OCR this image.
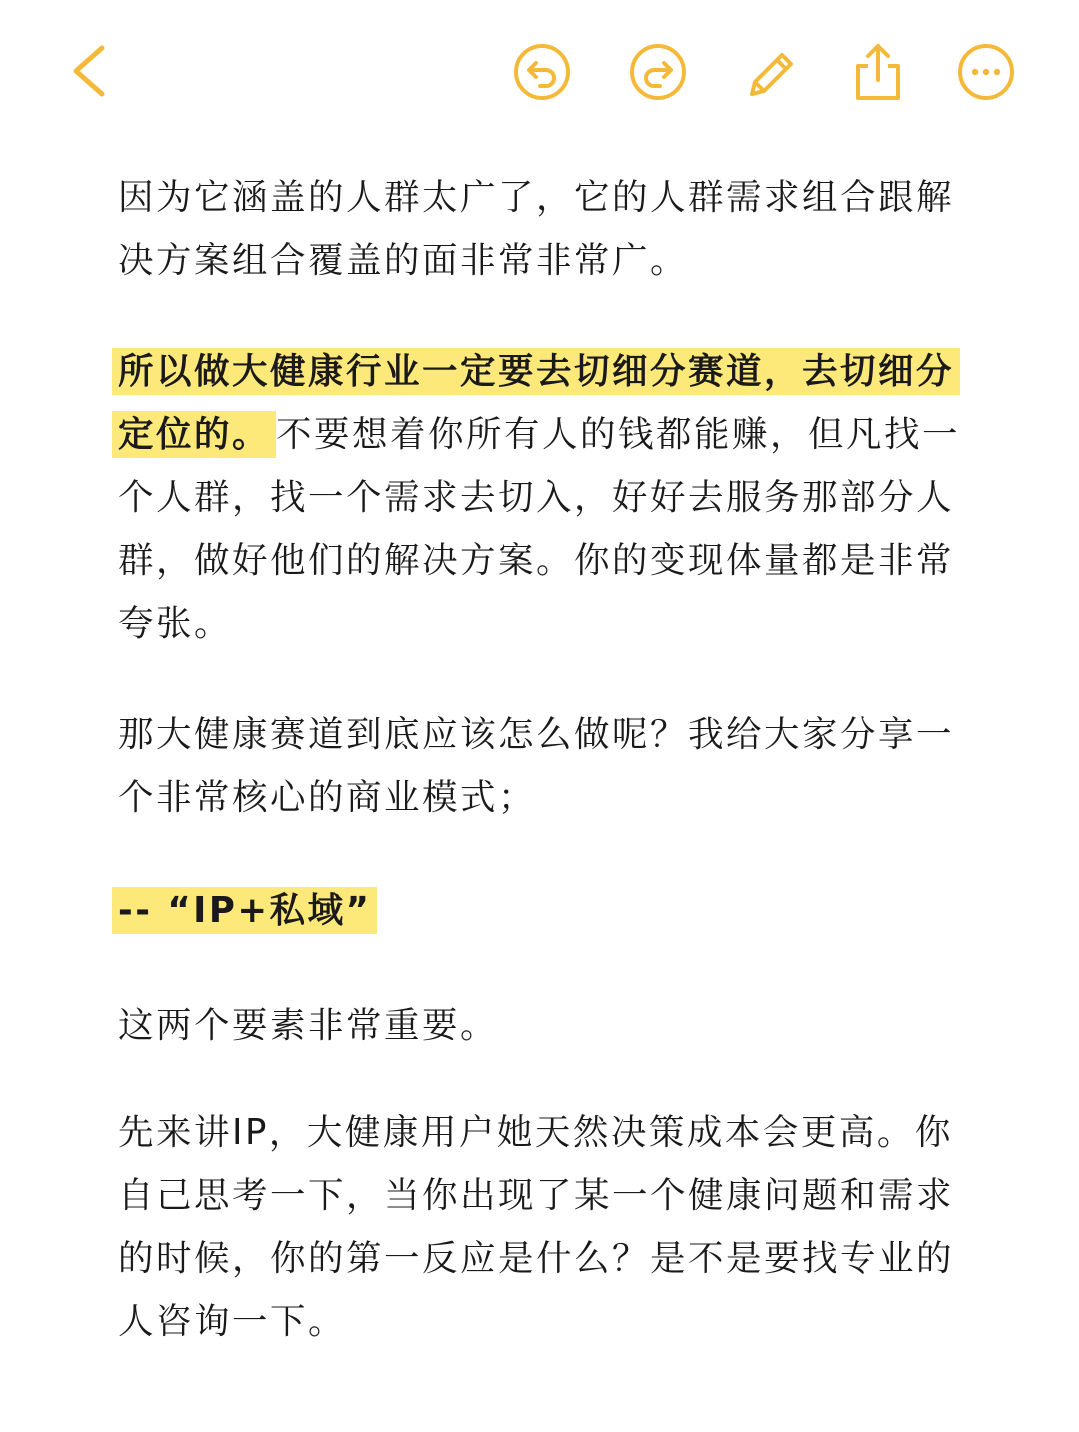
因为它涵盖的人群太广了，它的人群需求组合跟解决方案组合覆盖的面非常非常广。

所以做大健康行业一定要去切细分赛道，去切细分定位的。 不要想着你所有人的钱都能赚，但凡找一个人群，找一个需求去切入，好好去服务那部分人群，做好他们的解决方案。你的变现体量都是非常夸张。

那大健康赛道到底应该怎么做呢？我给大家分享一个非常核心的商业模式；

-- “IP+私域”

这两个要素非常重要。

先来讲IP，大健康用户她天然决策成本会更高。你自己思考一下，当你出现了某一个健康问题和需求的时候，你的第一反应是什么？是不是要找专业的人咨询一下。
